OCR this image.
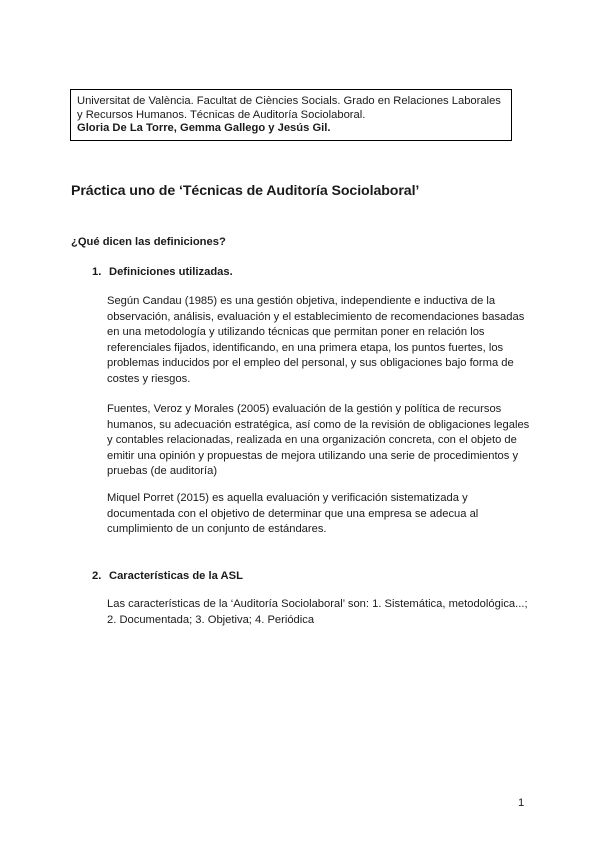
Universitat de València. Facultat de Ciències Socials. Grado en Relaciones Laborales y Recursos Humanos. Técnicas de Auditoría Sociolaboral.
Gloria De La Torre, Gemma Gallego y Jesús Gil.
Práctica uno de ‘Técnicas de Auditoría Sociolaboral’
¿Qué dicen las definiciones?
1. Definiciones utilizadas.

Según Candau (1985) es una gestión objetiva, independiente e inductiva de la observación, análisis, evaluación y el establecimiento de recomendaciones basadas en una metodología y utilizando técnicas que permitan poner en relación los referenciales fijados, identificando, en una primera etapa, los puntos fuertes, los problemas inducidos por el empleo del personal, y sus obligaciones bajo forma de costes y riesgos.

Fuentes, Veroz y Morales (2005) evaluación de la gestión y política de recursos humanos, su adecuación estratégica, así como de la revisión de obligaciones legales y contables relacionadas, realizada en una organización concreta, con el objeto de emitir una opinión y propuestas de mejora utilizando una serie de procedimientos y pruebas (de auditoría)

Miquel Porret (2015) es aquella evaluación y verificación sistematizada y documentada con el objetivo de determinar que una empresa se adecua al cumplimiento de un conjunto de estándares.

2. Características de la ASL

Las características de la ‘Auditoría Sociolaboral’ son: 1. Sistemática, metodológica...; 2. Documentada; 3. Objetiva; 4. Periódica

1
